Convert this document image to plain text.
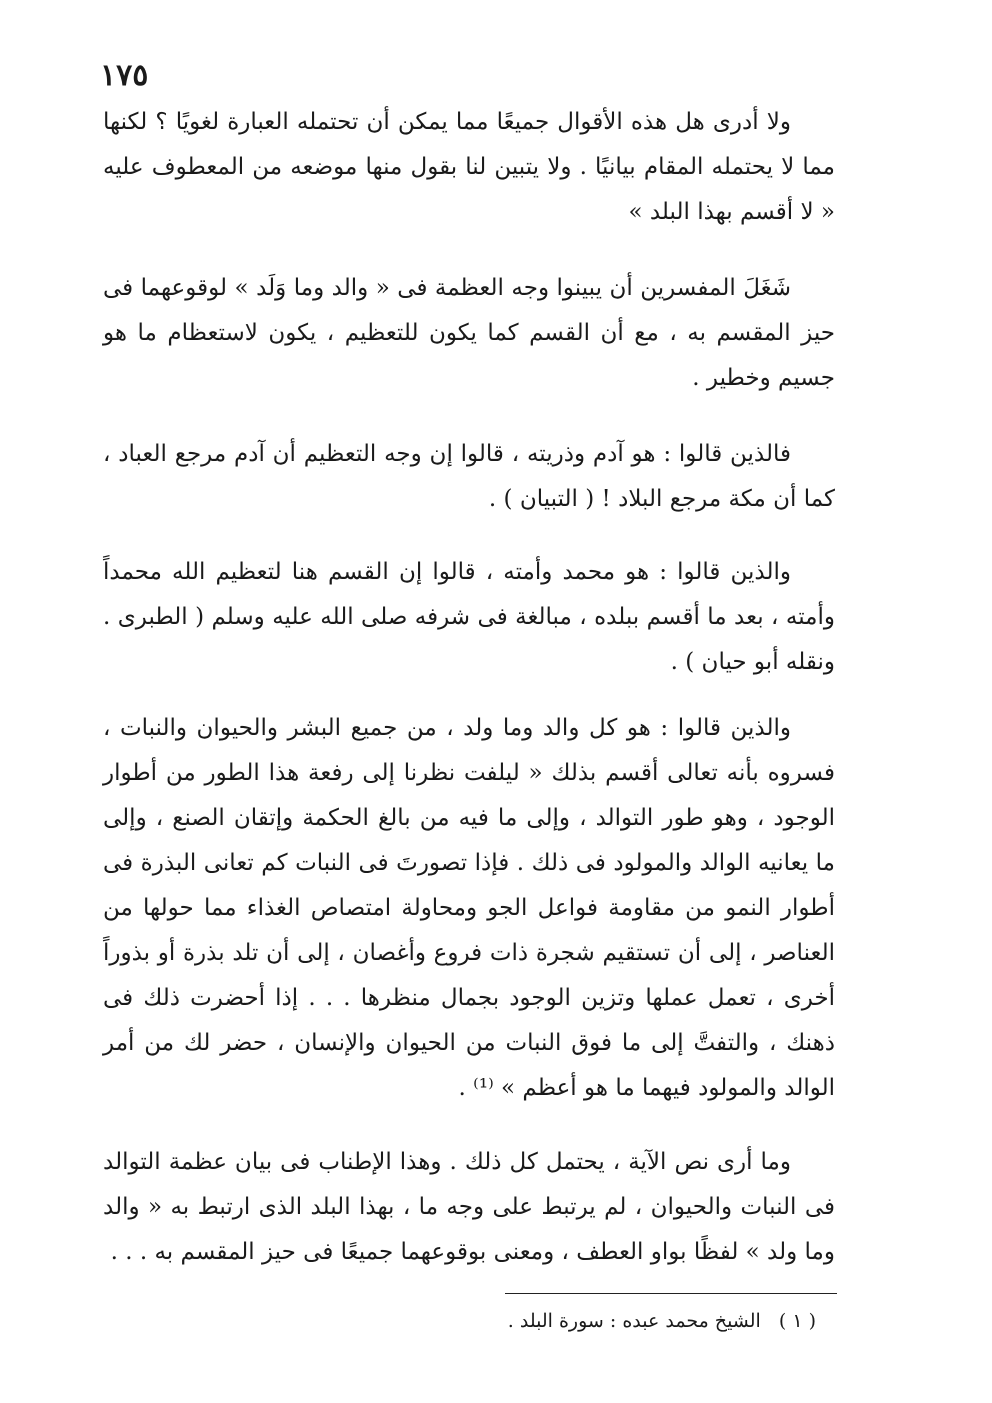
١٧٥

ولا أدرى هل هذه الأقوال جميعًا مما يمكن أن تحتمله العبارة لغويًا ؟ لكنها مما لا يحتمله المقام بيانيًا . ولا يتبين لنا بقول منها موضعه من المعطوف عليه « لا أقسم بهذا البلد »

شَغَلَ المفسرين أن يبينوا وجه العظمة فى « والد وما وَلَد » لوقوعهما فى حيز المقسم به ، مع أن القسم كما يكون للتعظيم ، يكون لاستعظام ما هو جسيم وخطير .

فالذين قالوا : هو آدم وذريته ، قالوا إن وجه التعظيم أن آدم مرجع العباد ، كما أن مكة مرجع البلاد ! ( التبيان ) .

والذين قالوا : هو محمد وأمته ، قالوا إن القسم هنا لتعظيم الله محمداً وأمته ، بعد ما أقسم ببلده ، مبالغة فى شرفه صلى الله عليه وسلم ( الطبرى . ونقله أبو حيان ) .

والذين قالوا : هو كل والد وما ولد ، من جميع البشر والحيوان والنبات ، فسروه بأنه تعالى أقسم بذلك « ليلفت نظرنا إلى رفعة هذا الطور من أطوار الوجود ، وهو طور التوالد ، وإلى ما فيه من بالغ الحكمة وإتقان الصنع ، وإلى ما يعانيه الوالد والمولود فى ذلك . فإذا تصورتَ فى النبات كم تعانى البذرة فى أطوار النمو من مقاومة فواعل الجو ومحاولة امتصاص الغذاء مما حولها من العناصر ، إلى أن تستقيم شجرة ذات فروع وأغصان ، إلى أن تلد بذرة أو بذوراً أخرى ، تعمل عملها وتزين الوجود بجمال منظرها . . . إذا أحضرت ذلك فى ذهنك ، والتفتَّ إلى ما فوق النبات من الحيوان والإنسان ، حضر لك من أمر الوالد والمولود فيهما ما هو أعظم » ⁽¹⁾ .

وما أرى نص الآية ، يحتمل كل ذلك . وهذا الإطناب فى بيان عظمة التوالد فى النبات والحيوان ، لم يرتبط على وجه ما ، بهذا البلد الذى ارتبط به « والد وما ولد » لفظًا بواو العطف ، ومعنى بوقوعهما جميعًا فى حيز المقسم به . . .

( ١ ) الشيخ محمد عبده : سورة البلد .
